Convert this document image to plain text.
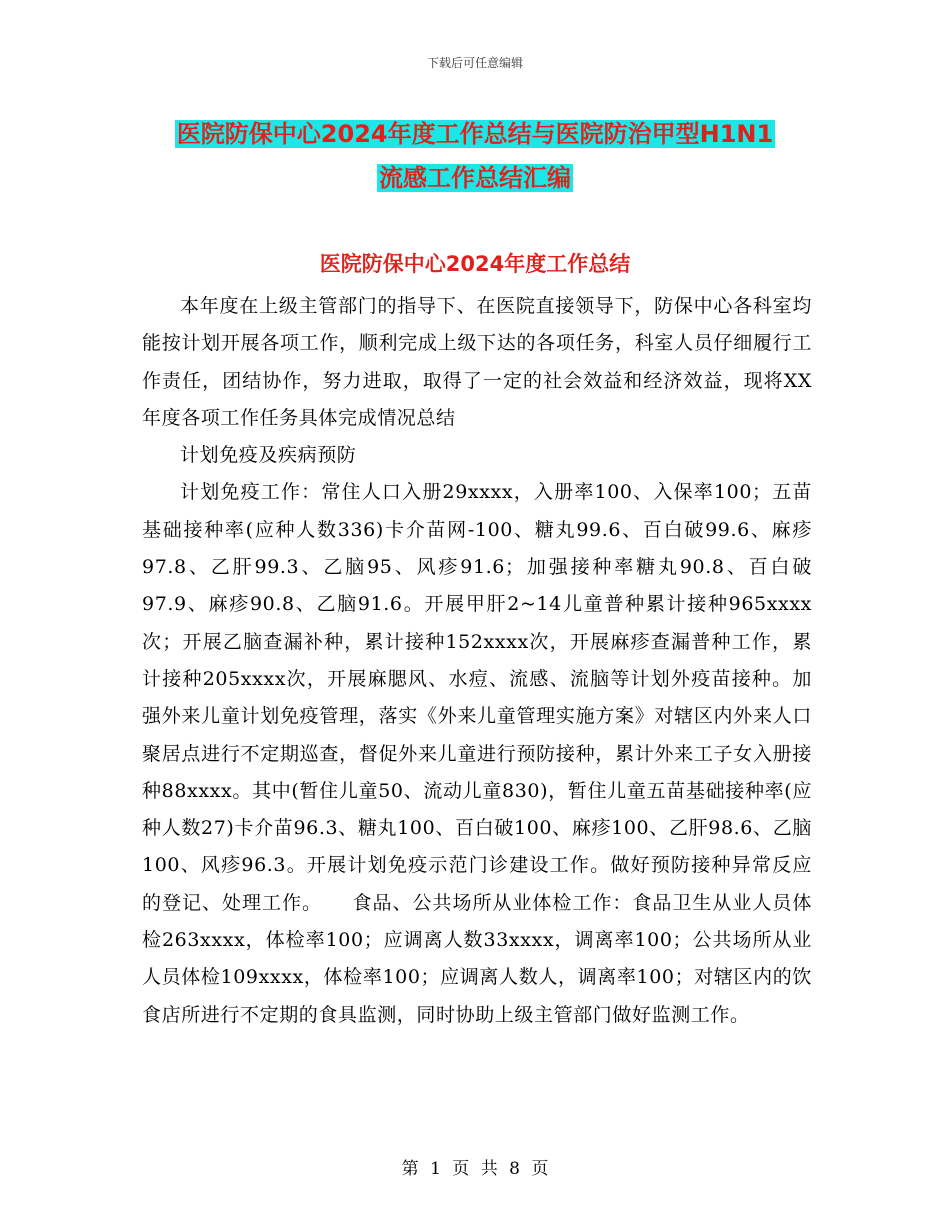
下载后可任意编辑
医院防保中心2024年度工作总结与医院防治甲型H1N1
流感工作总结汇编
医院防保中心2024年度工作总结

本年度在上级主管部门的指导下、在医院直接领导下，防保中心各科室均能按计划开展各项工作，顺利完成上级下达的各项任务，科室人员仔细履行工作责任，团结协作，努力进取，取得了一定的社会效益和经济效益，现将XX年度各项工作任务具体完成情况总结

计划免疫及疾病预防

计划免疫工作：常住人口入册29xxxx，入册率100、入保率100；五苗基础接种率(应种人数336)卡介苗网-100、糖丸99.6、百白破99.6、麻疹97.8、乙肝99.3、乙脑95、风疹91.6；加强接种率糖丸90.8、百白破97.9、麻疹90.8、乙脑91.6。开展甲肝2~14儿童普种累计接种965xxxx次；开展乙脑查漏补种，累计接种152xxxx次，开展麻疹查漏普种工作，累计接种205xxxx次，开展麻腮风、水痘、流感、流脑等计划外疫苗接种。加强外来儿童计划免疫管理，落实《外来儿童管理实施方案》对辖区内外来人口聚居点进行不定期巡查，督促外来儿童进行预防接种，累计外来工子女入册接种88xxxx。其中(暂住儿童50、流动儿童830)，暂住儿童五苗基础接种率(应种人数27)卡介苗96.3、糖丸100、百白破100、麻疹100、乙肝98.6、乙脑100、风疹96.3。开展计划免疫示范门诊建设工作。做好预防接种异常反应的登记、处理工作。　　食品、公共场所从业体检工作：食品卫生从业人员体检263xxxx，体检率100；应调离人数33xxxx，调离率100；公共场所从业人员体检109xxxx，体检率100；应调离人数人，调离率100；对辖区内的饮食店所进行不定期的食具监测，同时协助上级主管部门做好监测工作。

第 1 页 共 8 页
